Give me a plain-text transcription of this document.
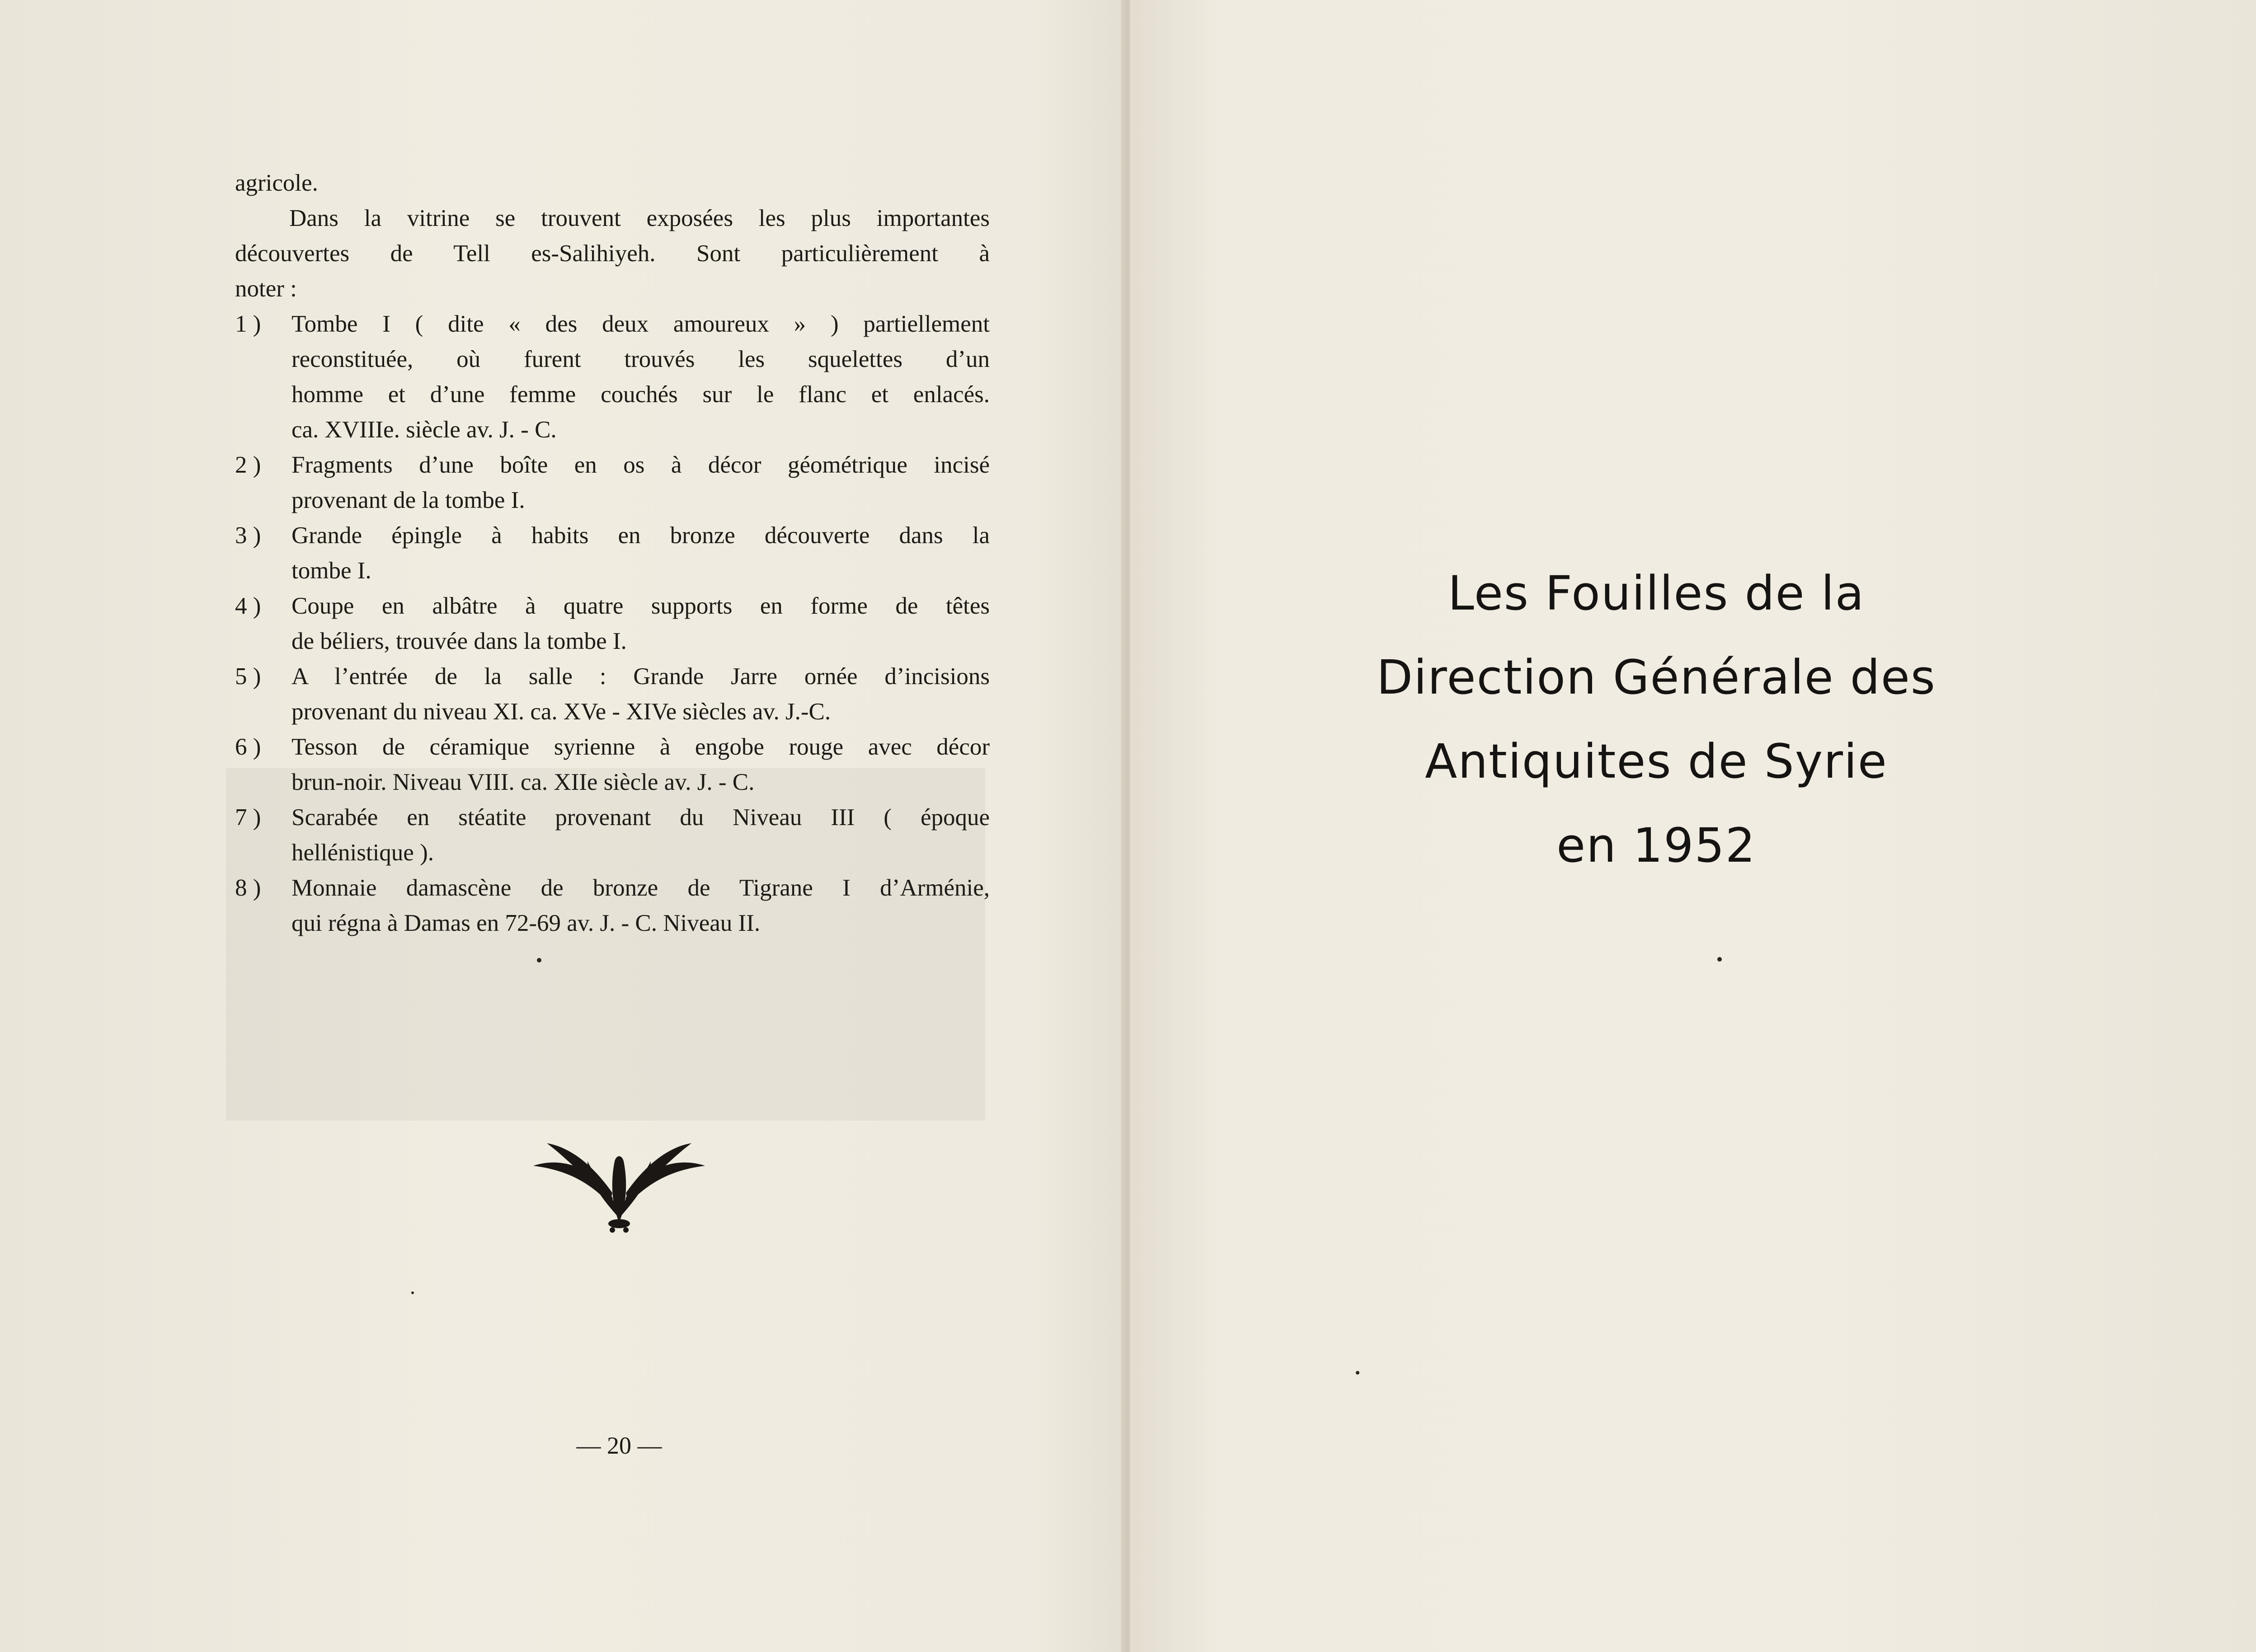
agricole.
Dans la vitrine se trouvent exposées les plus importantes
découvertes de Tell es-Salihiyeh. Sont particulièrement à
noter :
1 )	Tombe I ( dite « des deux amoureux » ) partiellement
reconstituée, où furent trouvés les squelettes d’un
homme et d’une femme couchés sur le flanc et enlacés.
ca. XVIIIe. siècle av. J. - C.
2 )	Fragments d’une boîte en os à décor géométrique incisé
provenant de la tombe I.
3 )	Grande épingle à habits en bronze découverte dans la
tombe I.
4 )	Coupe en albâtre à quatre supports en forme de têtes
de béliers, trouvée dans la tombe I.
5 )	A l’entrée de la salle : Grande Jarre ornée d’incisions
provenant du niveau XI. ca. XVe - XIVe siècles av. J.-C.
6 )	Tesson de céramique syrienne à engobe rouge avec décor
brun-noir. Niveau VIII. ca. XIIe siècle av. J. - C.
7 )	Scarabée en stéatite provenant du Niveau III ( époque
hellénistique ).
8 )	Monnaie damascène de bronze de Tigrane I d’Arménie,
qui régna à Damas en 72-69 av. J. - C. Niveau II.
— 20 —
Les Fouilles de la
Direction Générale des
Antiquites de Syrie
en 1952
